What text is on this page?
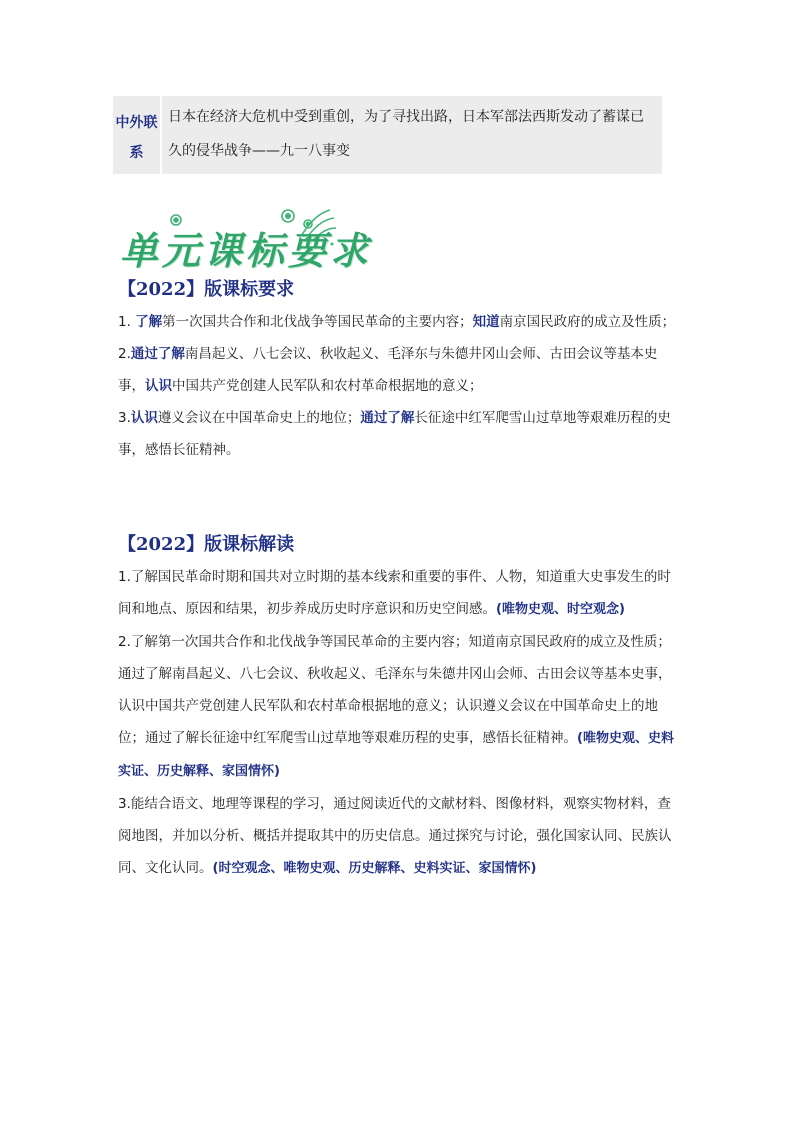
中外联系	日本在经济大危机中受到重创，为了寻找出路，日本军部法西斯发动了蓄谋已久的侵华战争——九一八事变
单元课标要求

【2022】版课标要求

1. 了解第一次国共合作和北伐战争等国民革命的主要内容；知道南京国民政府的成立及性质；

2.通过了解南昌起义、八七会议、秋收起义、毛泽东与朱德井冈山会师、古田会议等基本史事，认识中国共产党创建人民军队和农村革命根据地的意义；

3.认识遵义会议在中国革命史上的地位；通过了解长征途中红军爬雪山过草地等艰难历程的史事，感悟长征精神。

【2022】版课标解读

1.了解国民革命时期和国共对立时期的基本线索和重要的事件、人物，知道重大史事发生的时间和地点、原因和结果，初步养成历史时序意识和历史空间感。(唯物史观、时空观念)

2.了解第一次国共合作和北伐战争等国民革命的主要内容；知道南京国民政府的成立及性质；通过了解南昌起义、八七会议、秋收起义、毛泽东与朱德井冈山会师、古田会议等基本史事，认识中国共产党创建人民军队和农村革命根据地的意义；认识遵义会议在中国革命史上的地位；通过了解长征途中红军爬雪山过草地等艰难历程的史事，感悟长征精神。(唯物史观、史料实证、历史解释、家国情怀)

3.能结合语文、地理等课程的学习，通过阅读近代的文献材料、图像材料，观察实物材料，查阅地图，并加以分析、概括并提取其中的历史信息。通过探究与讨论，强化国家认同、民族认同、文化认同。(时空观念、唯物史观、历史解释、史料实证、家国情怀)
